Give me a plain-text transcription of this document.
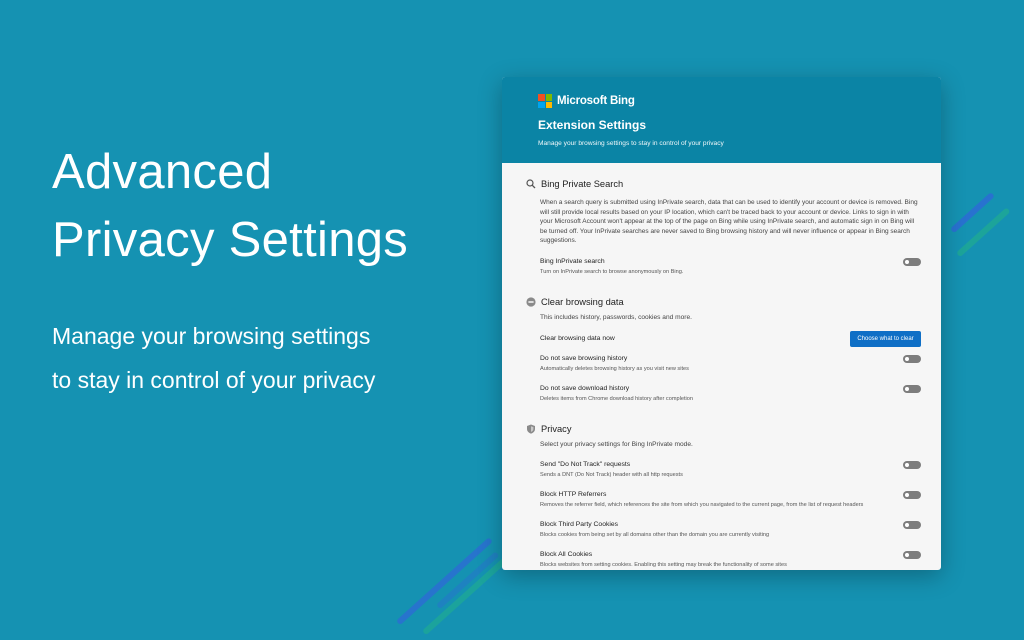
Advanced
Privacy Settings
Manage your browsing settings
to stay in control of your privacy
Microsoft Bing
Extension Settings
Manage your browsing settings to stay in control of your privacy
Bing Private Search
When a search query is submitted using InPrivate search, data that can be used to identify your account or device is removed. Bing will still provide local results based on your IP location, which can't be traced back to your account or device. Links to sign in with your Microsoft Account won't appear at the top of the page on Bing while using InPrivate search, and automatic sign in on Bing will be turned off. Your InPrivate searches are never saved to Bing browsing history and will never influence or appear in Bing search suggestions.
Bing InPrivate search
Turn on InPrivate search to browse anonymously on Bing.
Clear browsing data
This includes history, passwords, cookies and more.
Clear browsing data now	Choose what to clear
Do not save browsing history
Automatically deletes browsing history as you visit new sites
Do not save download history
Deletes items from Chrome download history after completion
Privacy
Select your privacy settings for Bing InPrivate mode.
Send "Do Not Track" requests
Sends a DNT (Do Not Track) header with all http requests
Block HTTP Referrers
Removes the referrer field, which references the site from which you navigated to the current page, from the list of request headers
Block Third Party Cookies
Blocks cookies from being set by all domains other than the domain you are currently visiting
Block All Cookies
Blocks websites from setting cookies. Enabling this setting may break the functionality of some sites
